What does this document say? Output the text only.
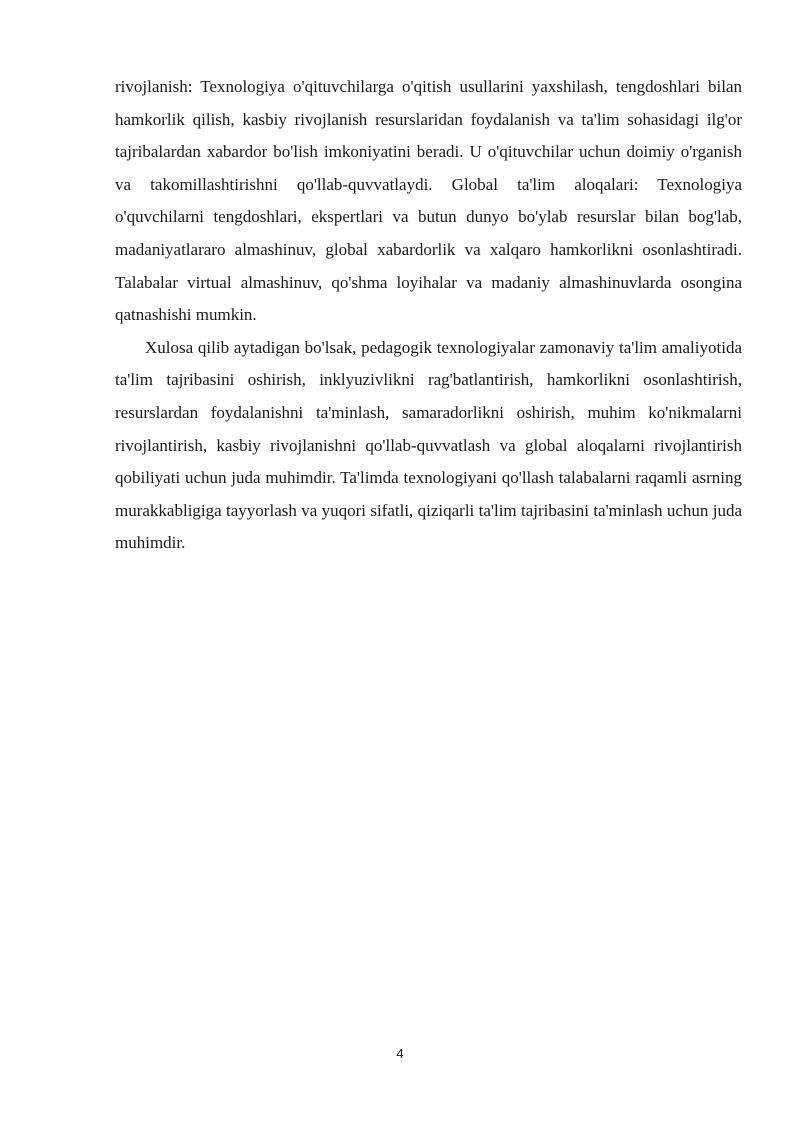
rivojlanish: Texnologiya o'qituvchilarga o'qitish usullarini yaxshilash, tengdoshlari bilan hamkorlik qilish, kasbiy rivojlanish resurslaridan foydalanish va ta'lim sohasidagi ilg'or tajribalardan xabardor bo'lish imkoniyatini beradi. U o'qituvchilar uchun doimiy o'rganish va takomillashtirishni qo'llab-quvvatlaydi. Global ta'lim aloqalari: Texnologiya o'quvchilarni tengdoshlari, ekspertlari va butun dunyo bo'ylab resurslar bilan bog'lab, madaniyatlararo almashinuv, global xabardorlik va xalqaro hamkorlikni osonlashtiradi. Talabalar virtual almashinuv, qo'shma loyihalar va madaniy almashinuvlarda osongina qatnashishi mumkin.

Xulosa qilib aytadigan bo'lsak, pedagogik texnologiyalar zamonaviy ta'lim amaliyotida ta'lim tajribasini oshirish, inklyuzivlikni rag'batlantirish, hamkorlikni osonlashtirish, resurslardan foydalanishni ta'minlash, samaradorlikni oshirish, muhim ko'nikmalarni rivojlantirish, kasbiy rivojlanishni qo'llab-quvvatlash va global aloqalarni rivojlantirish qobiliyati uchun juda muhimdir. Ta'limda texnologiyani qo'llash talabalarni raqamli asrning murakkabligiga tayyorlash va yuqori sifatli, qiziqarli ta'lim tajribasini ta'minlash uchun juda muhimdir.

4
